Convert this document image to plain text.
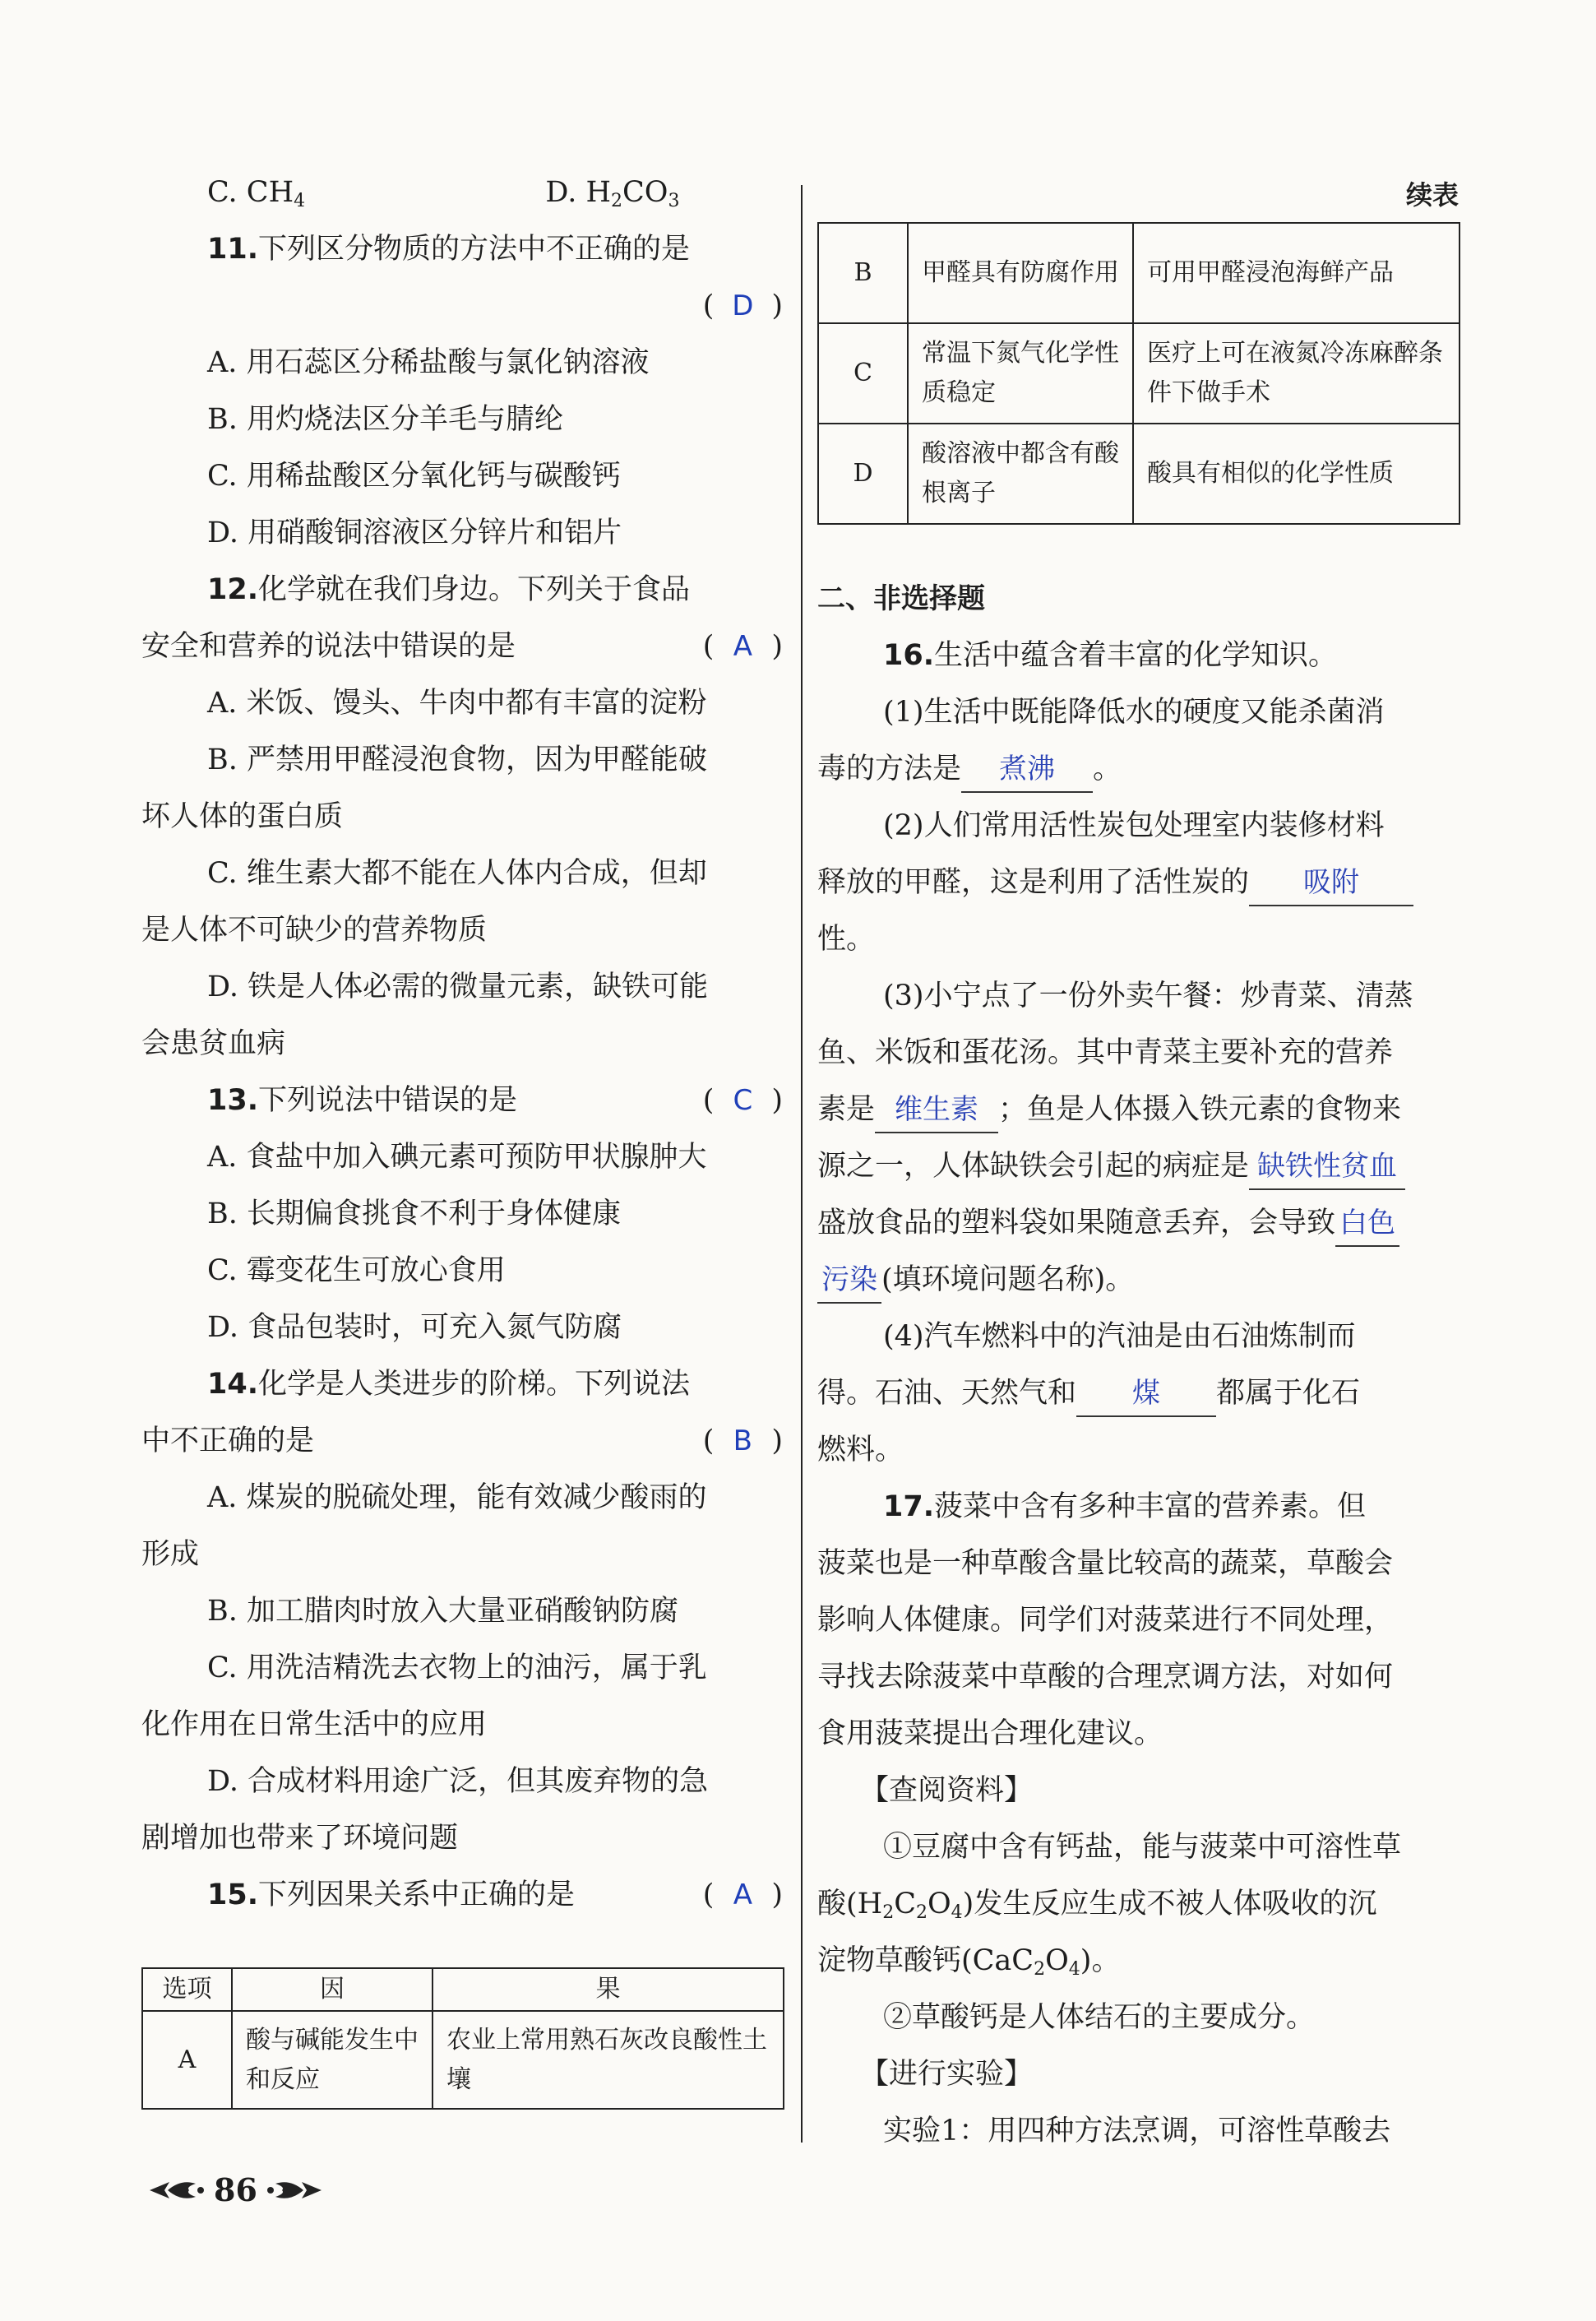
C. $CH_4$	D. $H_2CO_3$
11.下列区分物质的方法中不正确的是
( D )
A. 用石蕊区分稀盐酸与氯化钠溶液
B. 用灼烧法区分羊毛与腈纶
C. 用稀盐酸区分氧化钙与碳酸钙
D. 用硝酸铜溶液区分锌片和铝片
12.化学就在我们身边。下列关于食品
安全和营养的说法中错误的是	( A )
A. 米饭、馒头、牛肉中都有丰富的淀粉
B. 严禁用甲醛浸泡食物，因为甲醛能破
坏人体的蛋白质
C. 维生素大都不能在人体内合成，但却
是人体不可缺少的营养物质
D. 铁是人体必需的微量元素，缺铁可能
会患贫血病
13.下列说法中错误的是	( C )
A. 食盐中加入碘元素可预防甲状腺肿大
B. 长期偏食挑食不利于身体健康
C. 霉变花生可放心食用
D. 食品包装时，可充入氮气防腐
14.化学是人类进步的阶梯。下列说法
中不正确的是	( B )
A. 煤炭的脱硫处理，能有效减少酸雨的
形成
B. 加工腊肉时放入大量亚硝酸钠防腐
C. 用洗洁精洗去衣物上的油污，属于乳
化作用在日常生活中的应用
D. 合成材料用途广泛，但其废弃物的急
剧增加也带来了环境问题
15.下列因果关系中正确的是	( A )
选项	因	果
A	酸与碱能发生中和反应	农业上常用熟石灰改良酸性土壤
续表
B	甲醛具有防腐作用	可用甲醛浸泡海鲜产品
C	常温下氮气化学性质稳定	医疗上可在液氮冷冻麻醉条件下做手术
D	酸溶液中都含有酸根离子	酸具有相似的化学性质
二、非选择题
16.生活中蕴含着丰富的化学知识。
(1)生活中既能降低水的硬度又能杀菌消
毒的方法是 煮沸 。
(2)人们常用活性炭包处理室内装修材料
释放的甲醛，这是利用了活性炭的 吸附
性。
(3)小宁点了一份外卖午餐：炒青菜、清蒸
鱼、米饭和蛋花汤。其中青菜主要补充的营养
素是 维生素 ；鱼是人体摄入铁元素的食物来
源之一，人体缺铁会引起的病症是 缺铁性贫血
盛放食品的塑料袋如果随意丢弃，会导致 白色
污染 (填环境问题名称)。
(4)汽车燃料中的汽油是由石油炼制而
得。石油、天然气和 煤 都属于化石
燃料。
17.菠菜中含有多种丰富的营养素。但
菠菜也是一种草酸含量比较高的蔬菜，草酸会
影响人体健康。同学们对菠菜进行不同处理，
寻找去除菠菜中草酸的合理烹调方法，对如何
食用菠菜提出合理化建议。
【查阅资料】
①豆腐中含有钙盐，能与菠菜中可溶性草
酸$(H_2C_2O_4)$发生反应生成不被人体吸收的沉
淀物草酸钙$(CaC_2O_4)$。
②草酸钙是人体结石的主要成分。
【进行实验】
实验1：用四种方法烹调，可溶性草酸去
86
